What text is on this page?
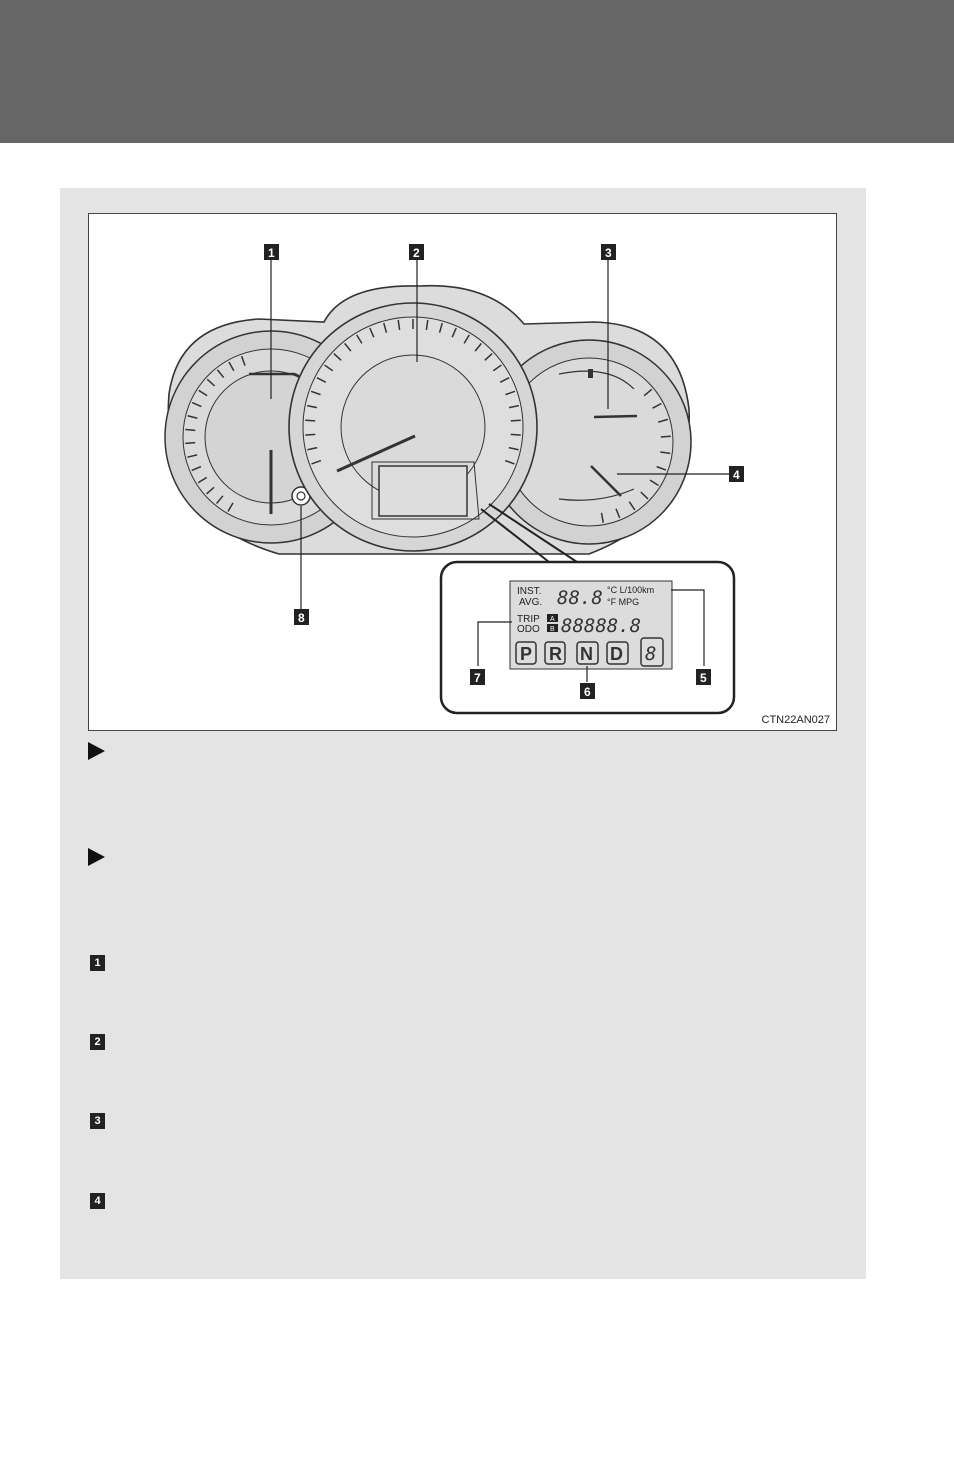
INST.
AVG. 88.8 °C L/100km
°F MPG
TRIP
ODO
A
B 88888.8
P R N D 8
1	2	3
4
5
6
7
8
CTN22AN027
1
2
3
4
